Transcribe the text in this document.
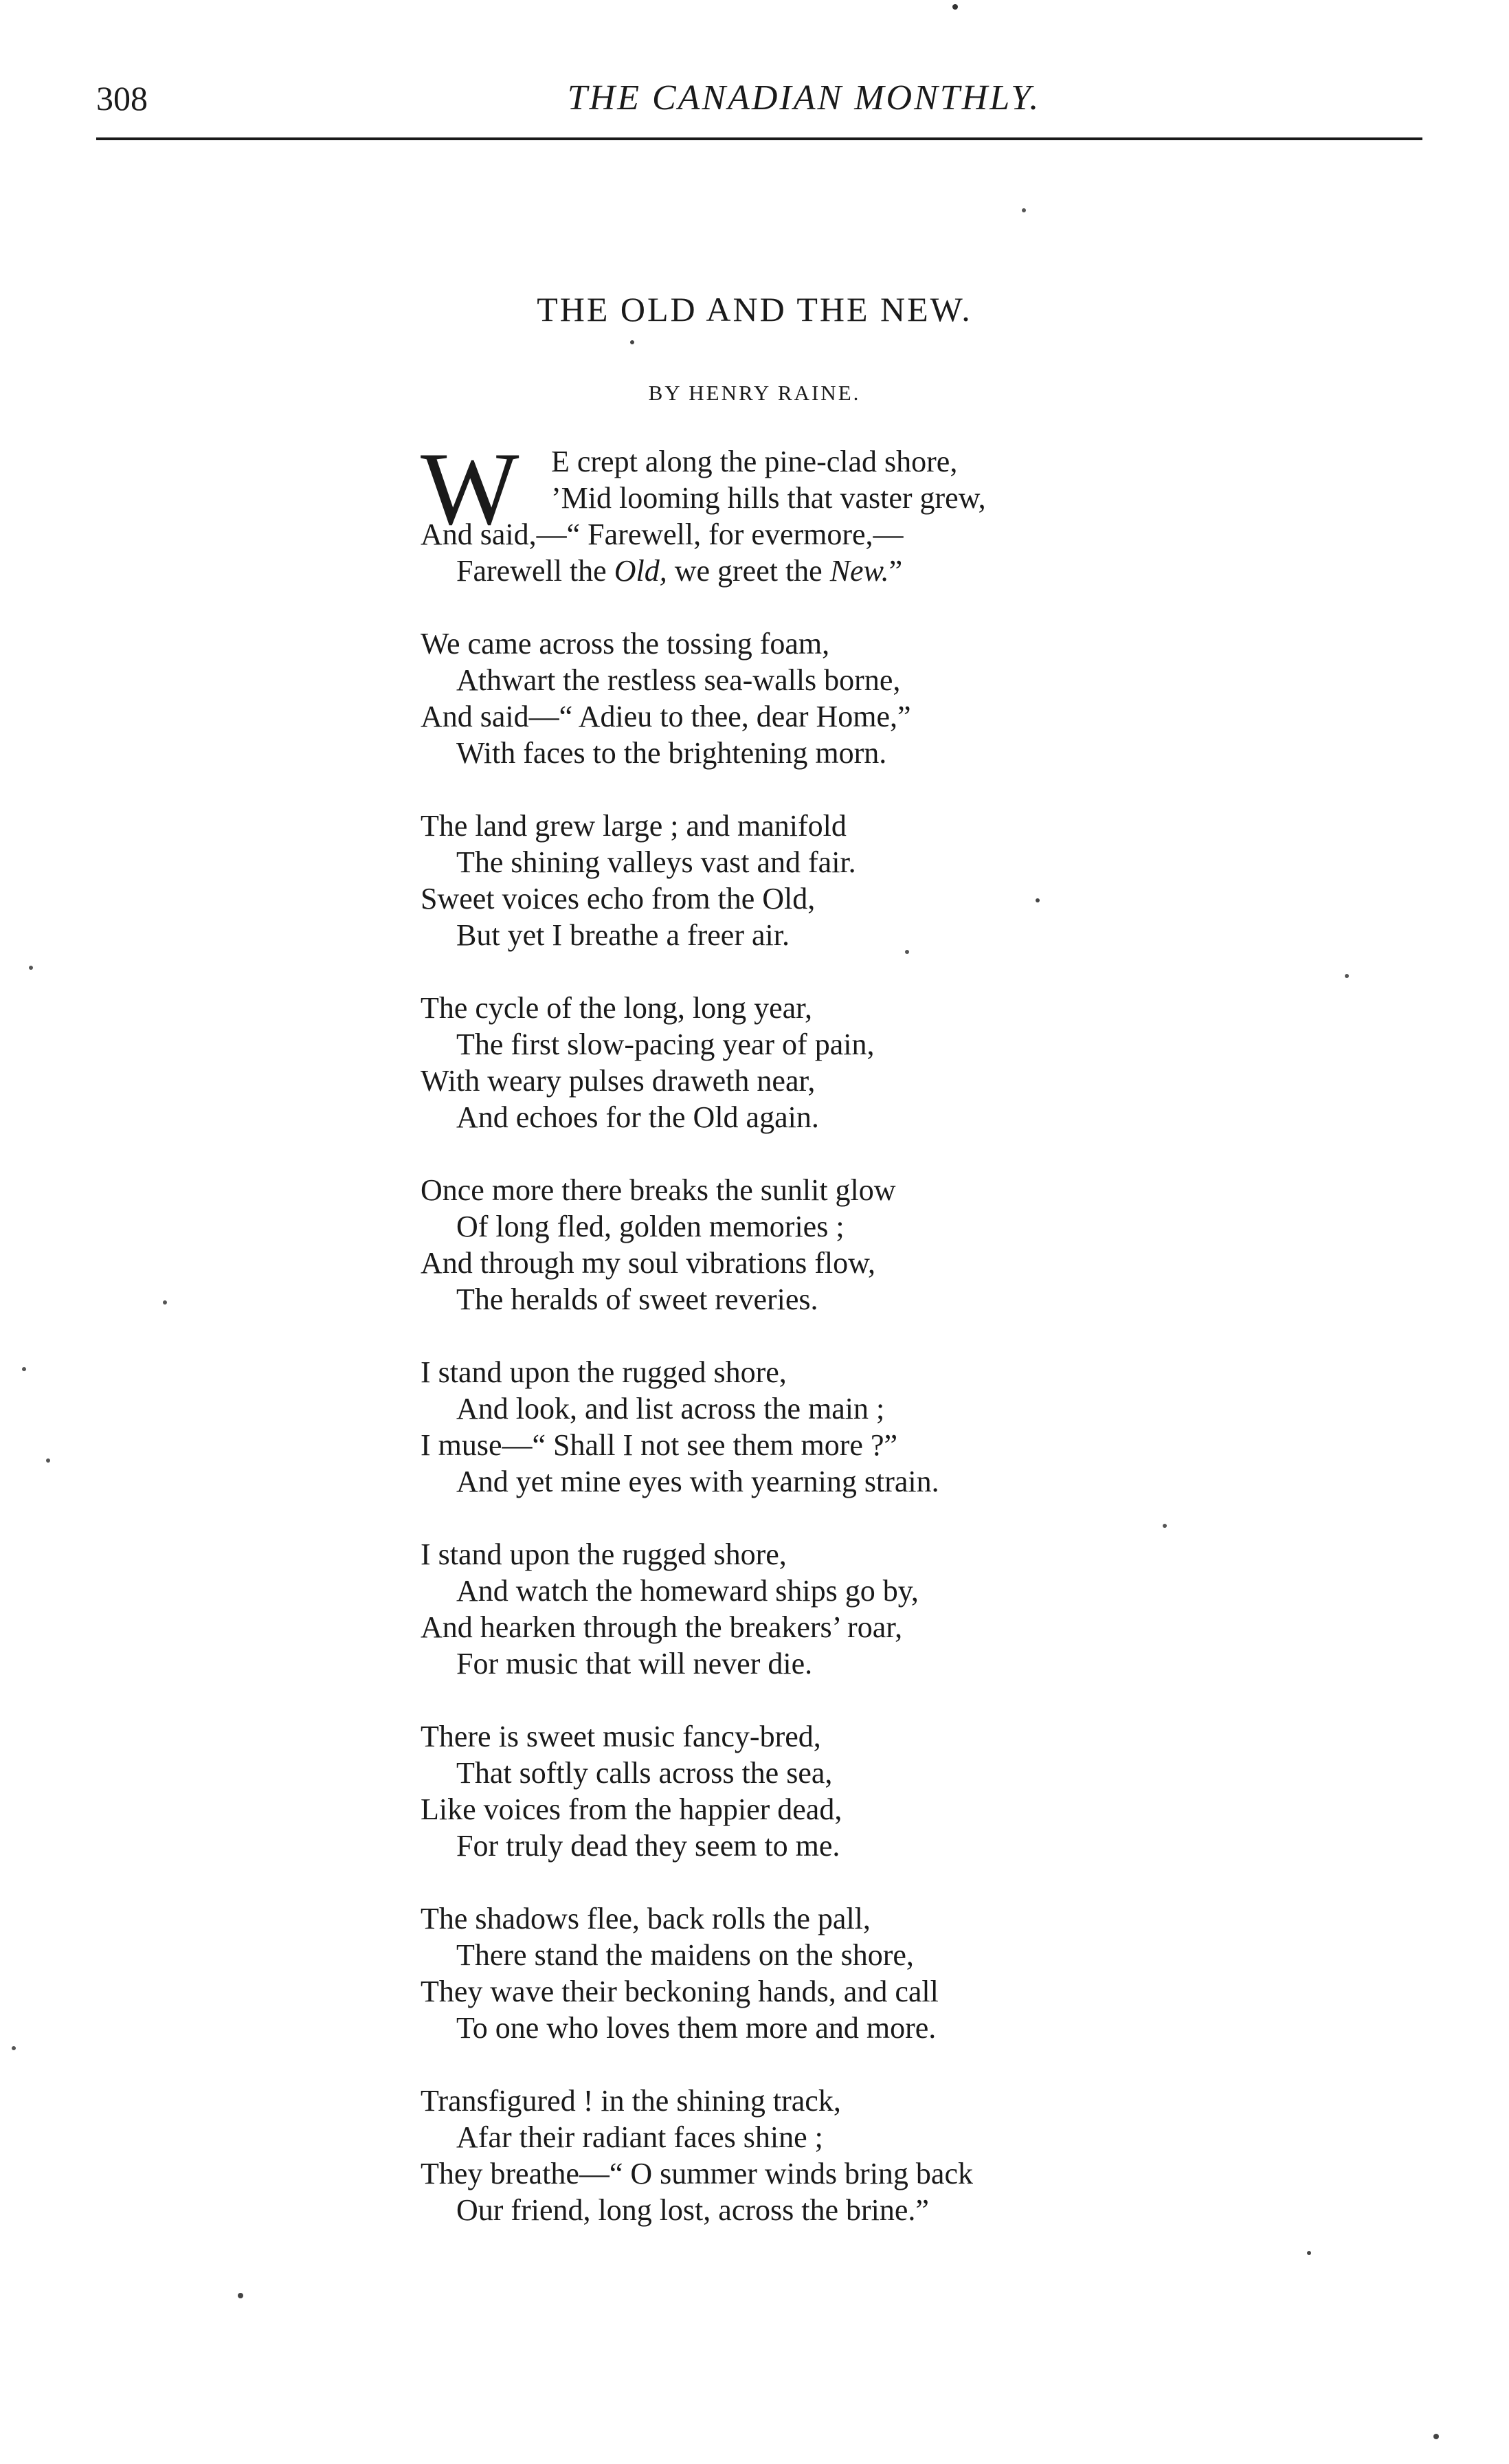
308	THE CANADIAN MONTHLY.
THE OLD AND THE NEW.
BY HENRY RAINE.
W	E crept along the pine-clad shore,
’Mid looming hills that vaster grew,
And said,—“ Farewell, for evermore,—
Farewell the Old, we greet the New.”
We came across the tossing foam,
Athwart the restless sea-walls borne,
And said—“ Adieu to thee, dear Home,”
With faces to the brightening morn.
The land grew large ; and manifold
The shining valleys vast and fair.
Sweet voices echo from the Old,
But yet I breathe a freer air.
The cycle of the long, long year,
The first slow-pacing year of pain,
With weary pulses draweth near,
And echoes for the Old again.
Once more there breaks the sunlit glow
Of long fled, golden memories ;
And through my soul vibrations flow,
The heralds of sweet reveries.
I stand upon the rugged shore,
And look, and list across the main ;
I muse—“ Shall I not see them more ?”
And yet mine eyes with yearning strain.
I stand upon the rugged shore,
And watch the homeward ships go by,
And hearken through the breakers’ roar,
For music that will never die.
There is sweet music fancy-bred,
That softly calls across the sea,
Like voices from the happier dead,
For truly dead they seem to me.
The shadows flee, back rolls the pall,
There stand the maidens on the shore,
They wave their beckoning hands, and call
To one who loves them more and more.
Transfigured ! in the shining track,
Afar their radiant faces shine ;
They breathe—“ O summer winds bring back
Our friend, long lost, across the brine.”
